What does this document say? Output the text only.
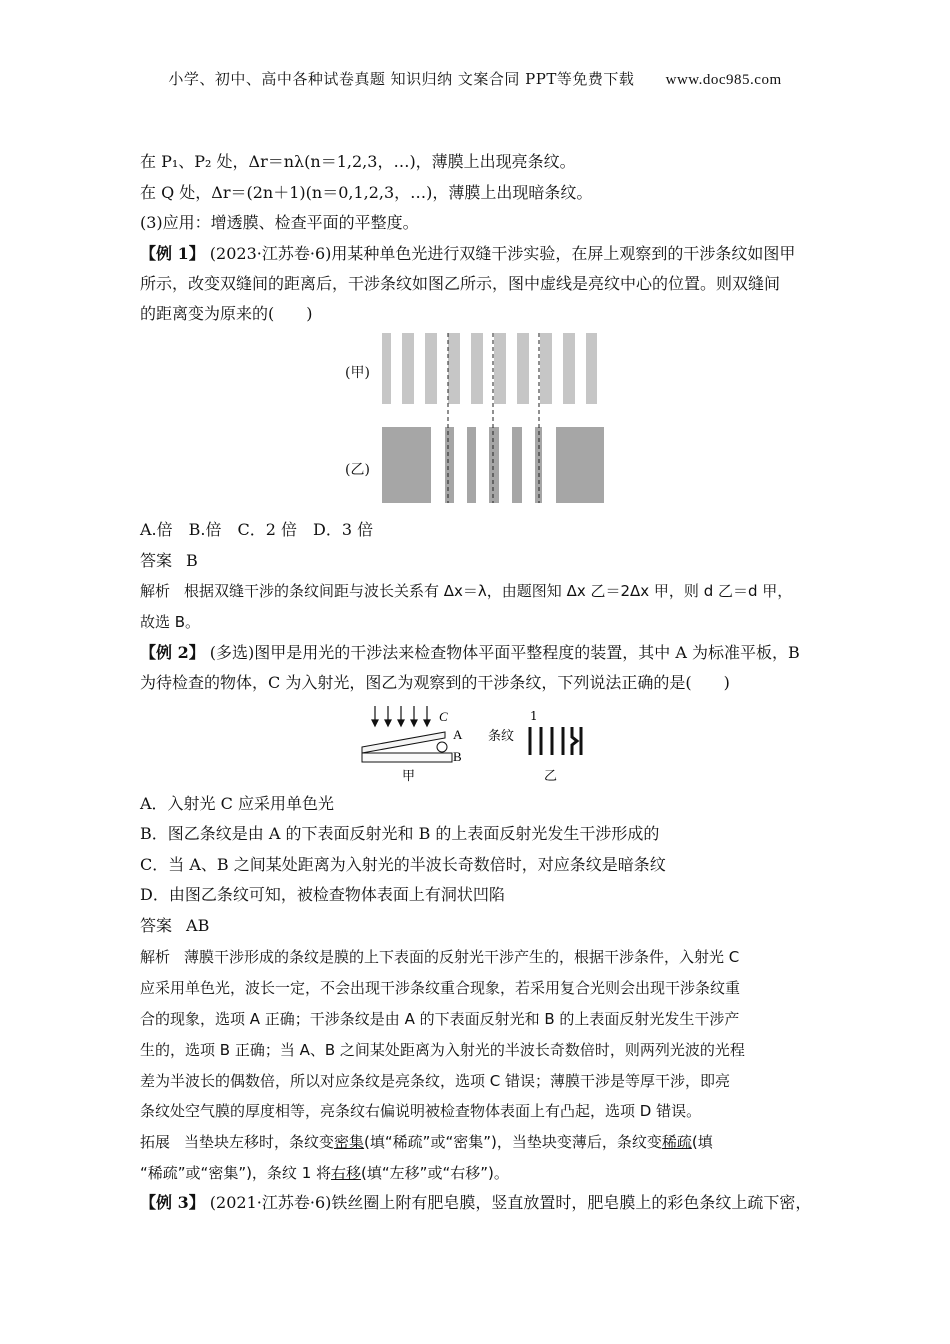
小学、初中、高中各种试卷真题 知识归纳 文案合同 PPT等免费下载 www.doc985.com
在 P₁、P₂ 处，Δr＝nλ(n＝1,2,3，…)，薄膜上出现亮条纹。
在 Q 处，Δr＝(2n＋1)(n＝0,1,2,3，…)，薄膜上出现暗条纹。
(3)应用：增透膜、检查平面的平整度。
【例 1】 (2023·江苏卷·6)用某种单色光进行双缝干涉实验，在屏上观察到的干涉条纹如图甲
所示，改变双缝间的距离后，干涉条纹如图乙所示，图中虚线是亮纹中心的位置。则双缝间
的距离变为原来的(　　)
(甲)
(乙)
A.倍　B.倍　C．2 倍　D．3 倍
答案 B
解析 根据双缝干涉的条纹间距与波长关系有 Δx＝λ，由题图知 Δx 乙＝2Δx 甲，则 d 乙＝d 甲，
故选 B。
【例 2】 (多选)图甲是用光的干涉法来检查物体平面平整程度的装置，其中 A 为标准平板，B
为待检查的物体，C 为入射光，图乙为观察到的干涉条纹，下列说法正确的是(　　)
C
A
B
甲
条纹
1
乙
A．入射光 C 应采用单色光
B．图乙条纹是由 A 的下表面反射光和 B 的上表面反射光发生干涉形成的
C．当 A、B 之间某处距离为入射光的半波长奇数倍时，对应条纹是暗条纹
D．由图乙条纹可知，被检查物体表面上有洞状凹陷
答案 AB
解析 薄膜干涉形成的条纹是膜的上下表面的反射光干涉产生的，根据干涉条件，入射光 C
应采用单色光，波长一定，不会出现干涉条纹重合现象，若采用复合光则会出现干涉条纹重
合的现象，选项 A 正确；干涉条纹是由 A 的下表面反射光和 B 的上表面反射光发生干涉产
生的，选项 B 正确；当 A、B 之间某处距离为入射光的半波长奇数倍时，则两列光波的光程
差为半波长的偶数倍，所以对应条纹是亮条纹，选项 C 错误；薄膜干涉是等厚干涉，即亮
条纹处空气膜的厚度相等，亮条纹右偏说明被检查物体表面上有凸起，选项 D 错误。
拓展 当垫块左移时，条纹变密集(填“稀疏”或“密集”)，当垫块变薄后，条纹变稀疏(填
“稀疏”或“密集”)，条纹 1 将右移(填“左移”或“右移”)。
【例 3】 (2021·江苏卷·6)铁丝圈上附有肥皂膜，竖直放置时，肥皂膜上的彩色条纹上疏下密，
